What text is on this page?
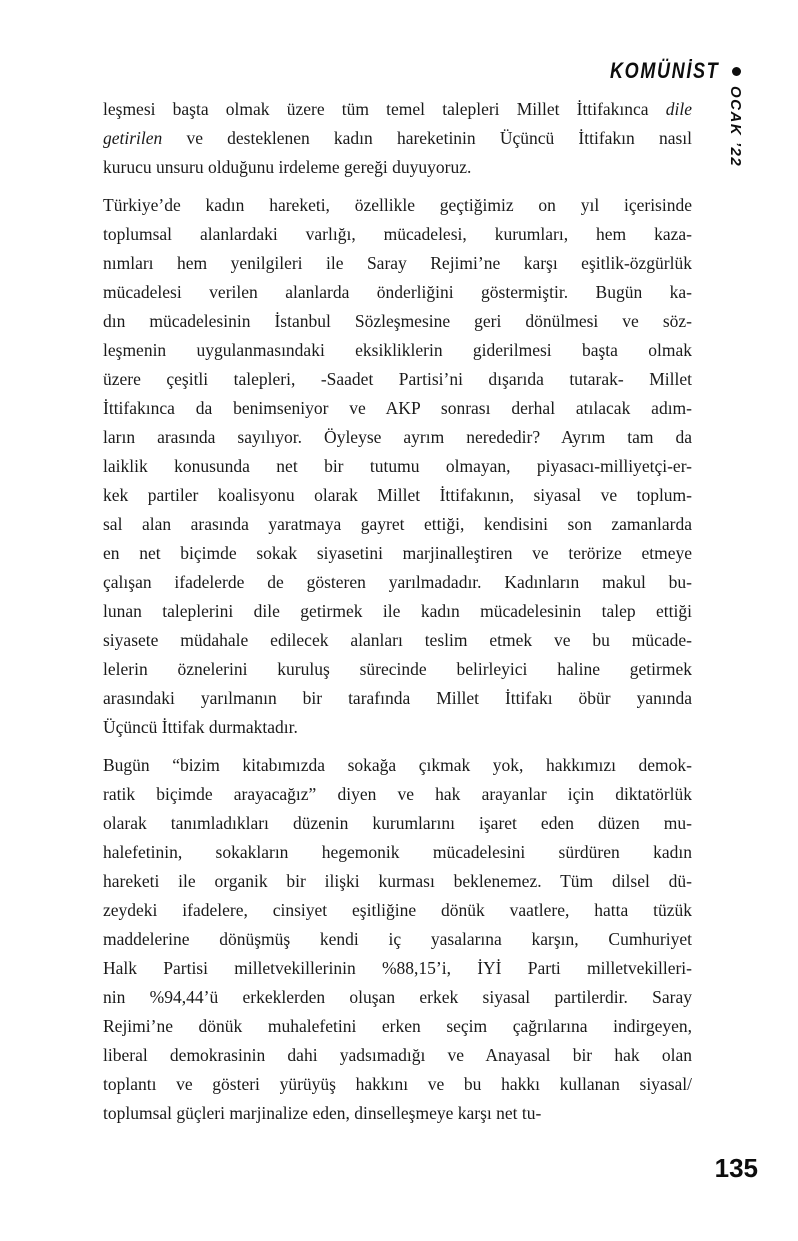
KOMÜNİST
OCAK ’22
leşmesi başta olmak üzere tüm temel talepleri Millet İttifakınca dile
getirilen ve desteklenen kadın hareketinin Üçüncü İttifakın nasıl
kurucu unsuru olduğunu irdeleme gereği duyuyoruz.
Türkiye’de kadın hareketi, özellikle geçtiğimiz on yıl içerisinde
toplumsal alanlardaki varlığı, mücadelesi, kurumları, hem kaza-
nımları hem yenilgileri ile Saray Rejimi’ne karşı eşitlik-özgürlük
mücadelesi verilen alanlarda önderliğini göstermiştir. Bugün ka-
dın mücadelesinin İstanbul Sözleşmesine geri dönülmesi ve söz-
leşmenin uygulanmasındaki eksikliklerin giderilmesi başta olmak
üzere çeşitli talepleri, -Saadet Partisi’ni dışarıda tutarak- Millet
İttifakınca da benimseniyor ve AKP sonrası derhal atılacak adım-
ların arasında sayılıyor. Öyleyse ayrım nerededir? Ayrım tam da
laiklik konusunda net bir tutumu olmayan, piyasacı-milliyetçi-er-
kek partiler koalisyonu olarak Millet İttifakının, siyasal ve toplum-
sal alan arasında yaratmaya gayret ettiği, kendisini son zamanlarda
en net biçimde sokak siyasetini marjinalleştiren ve terörize etmeye
çalışan ifadelerde de gösteren yarılmadadır. Kadınların makul bu-
lunan taleplerini dile getirmek ile kadın mücadelesinin talep ettiği
siyasete müdahale edilecek alanları teslim etmek ve bu mücade-
lelerin öznelerini kuruluş sürecinde belirleyici haline getirmek
arasındaki yarılmanın bir tarafında Millet İttifakı öbür yanında
Üçüncü İttifak durmaktadır.
Bugün “bizim kitabımızda sokağa çıkmak yok, hakkımızı demok-
ratik biçimde arayacağız” diyen ve hak arayanlar için diktatörlük
olarak tanımladıkları düzenin kurumlarını işaret eden düzen mu-
halefetinin, sokakların hegemonik mücadelesini sürdüren kadın
hareketi ile organik bir ilişki kurması beklenemez. Tüm dilsel dü-
zeydeki ifadelere, cinsiyet eşitliğine dönük vaatlere, hatta tüzük
maddelerine dönüşmüş kendi iç yasalarına karşın, Cumhuriyet
Halk Partisi milletvekillerinin %88,15’i, İYİ Parti milletvekilleri-
nin %94,44’ü erkeklerden oluşan erkek siyasal partilerdir. Saray
Rejimi’ne dönük muhalefetini erken seçim çağrılarına indirgeyen,
liberal demokrasinin dahi yadsımadığı ve Anayasal bir hak olan
toplantı ve gösteri yürüyüş hakkını ve bu hakkı kullanan siyasal/
toplumsal güçleri marjinalize eden, dinselleşmeye karşı net tu-
135
